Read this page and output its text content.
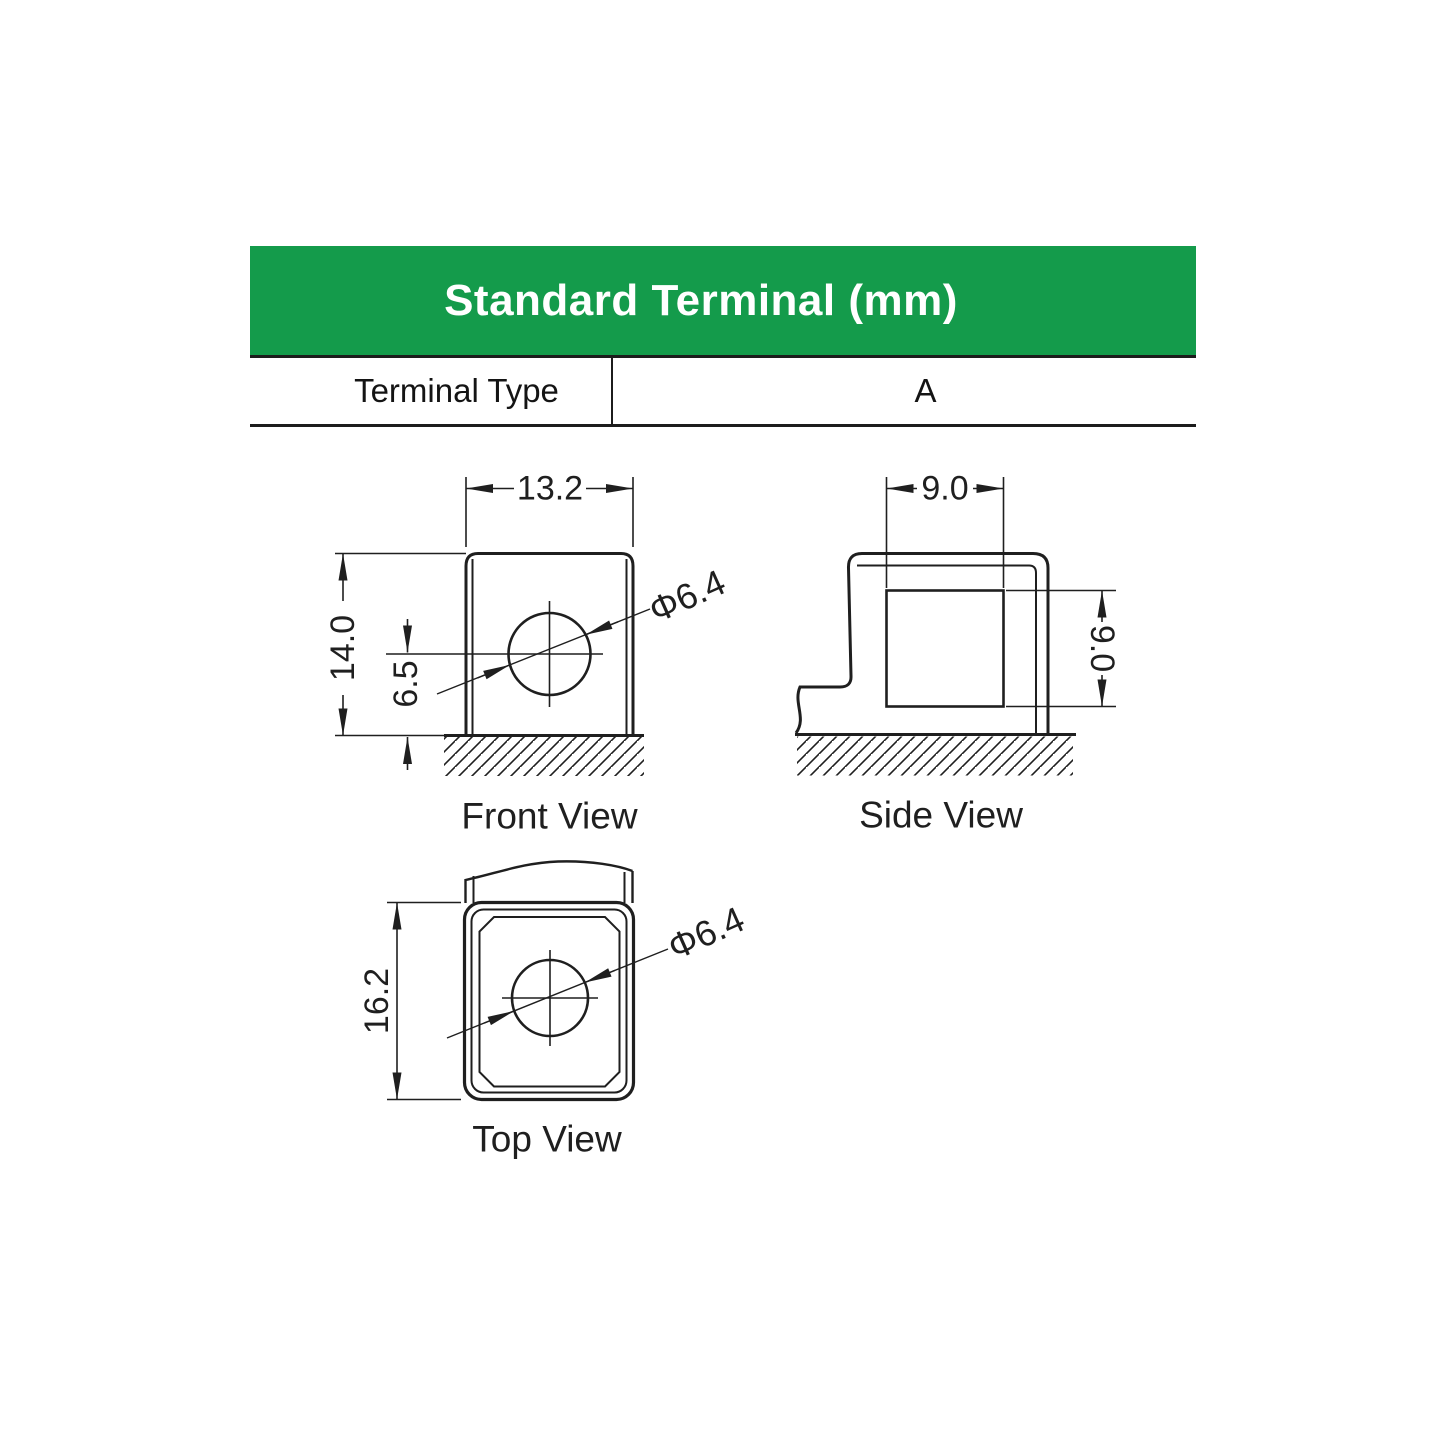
Standard Terminal (mm)
Terminal Type	A
13.2
14.0
6.5
Φ6.4
Front View
9.0
9.0
Side View
16.2
Φ6.4
Top View
